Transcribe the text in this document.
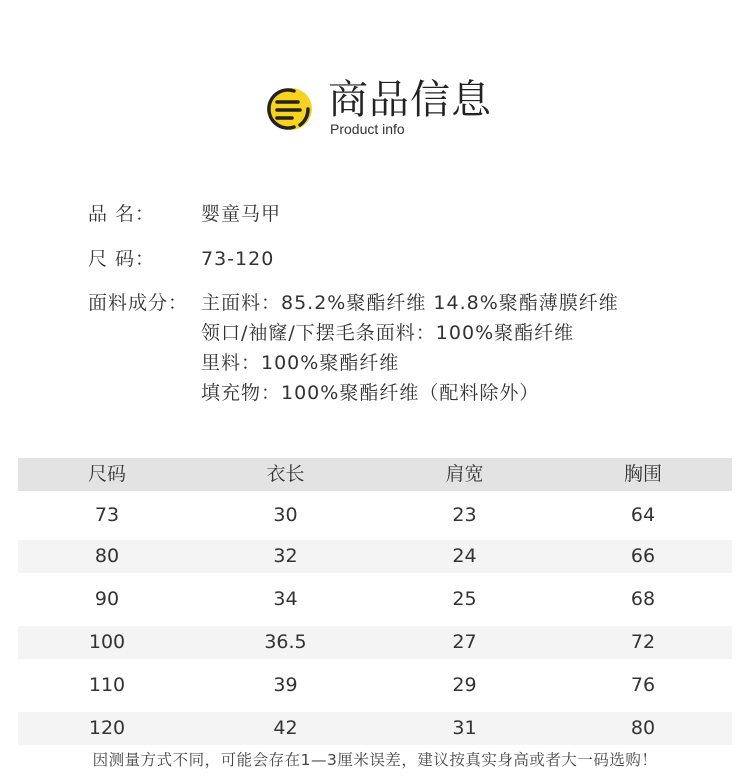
商品信息
Product info
品 名： 婴童马甲
尺 码： 73-120
面料成分： 主面料：85.2%聚酯纤维 14.8%聚酯薄膜纤维
领口/袖窿/下摆毛条面料：100%聚酯纤维
里料：100%聚酯纤维
填充物：100%聚酯纤维（配料除外）
尺码	衣长	肩宽	胸围
73	30	23	64
80	32	24	66
90	34	25	68
100	36.5	27	72
110	39	29	76
120	42	31	80
因测量方式不同，可能会存在1—3厘米误差，建议按真实身高或者大一码选购！
